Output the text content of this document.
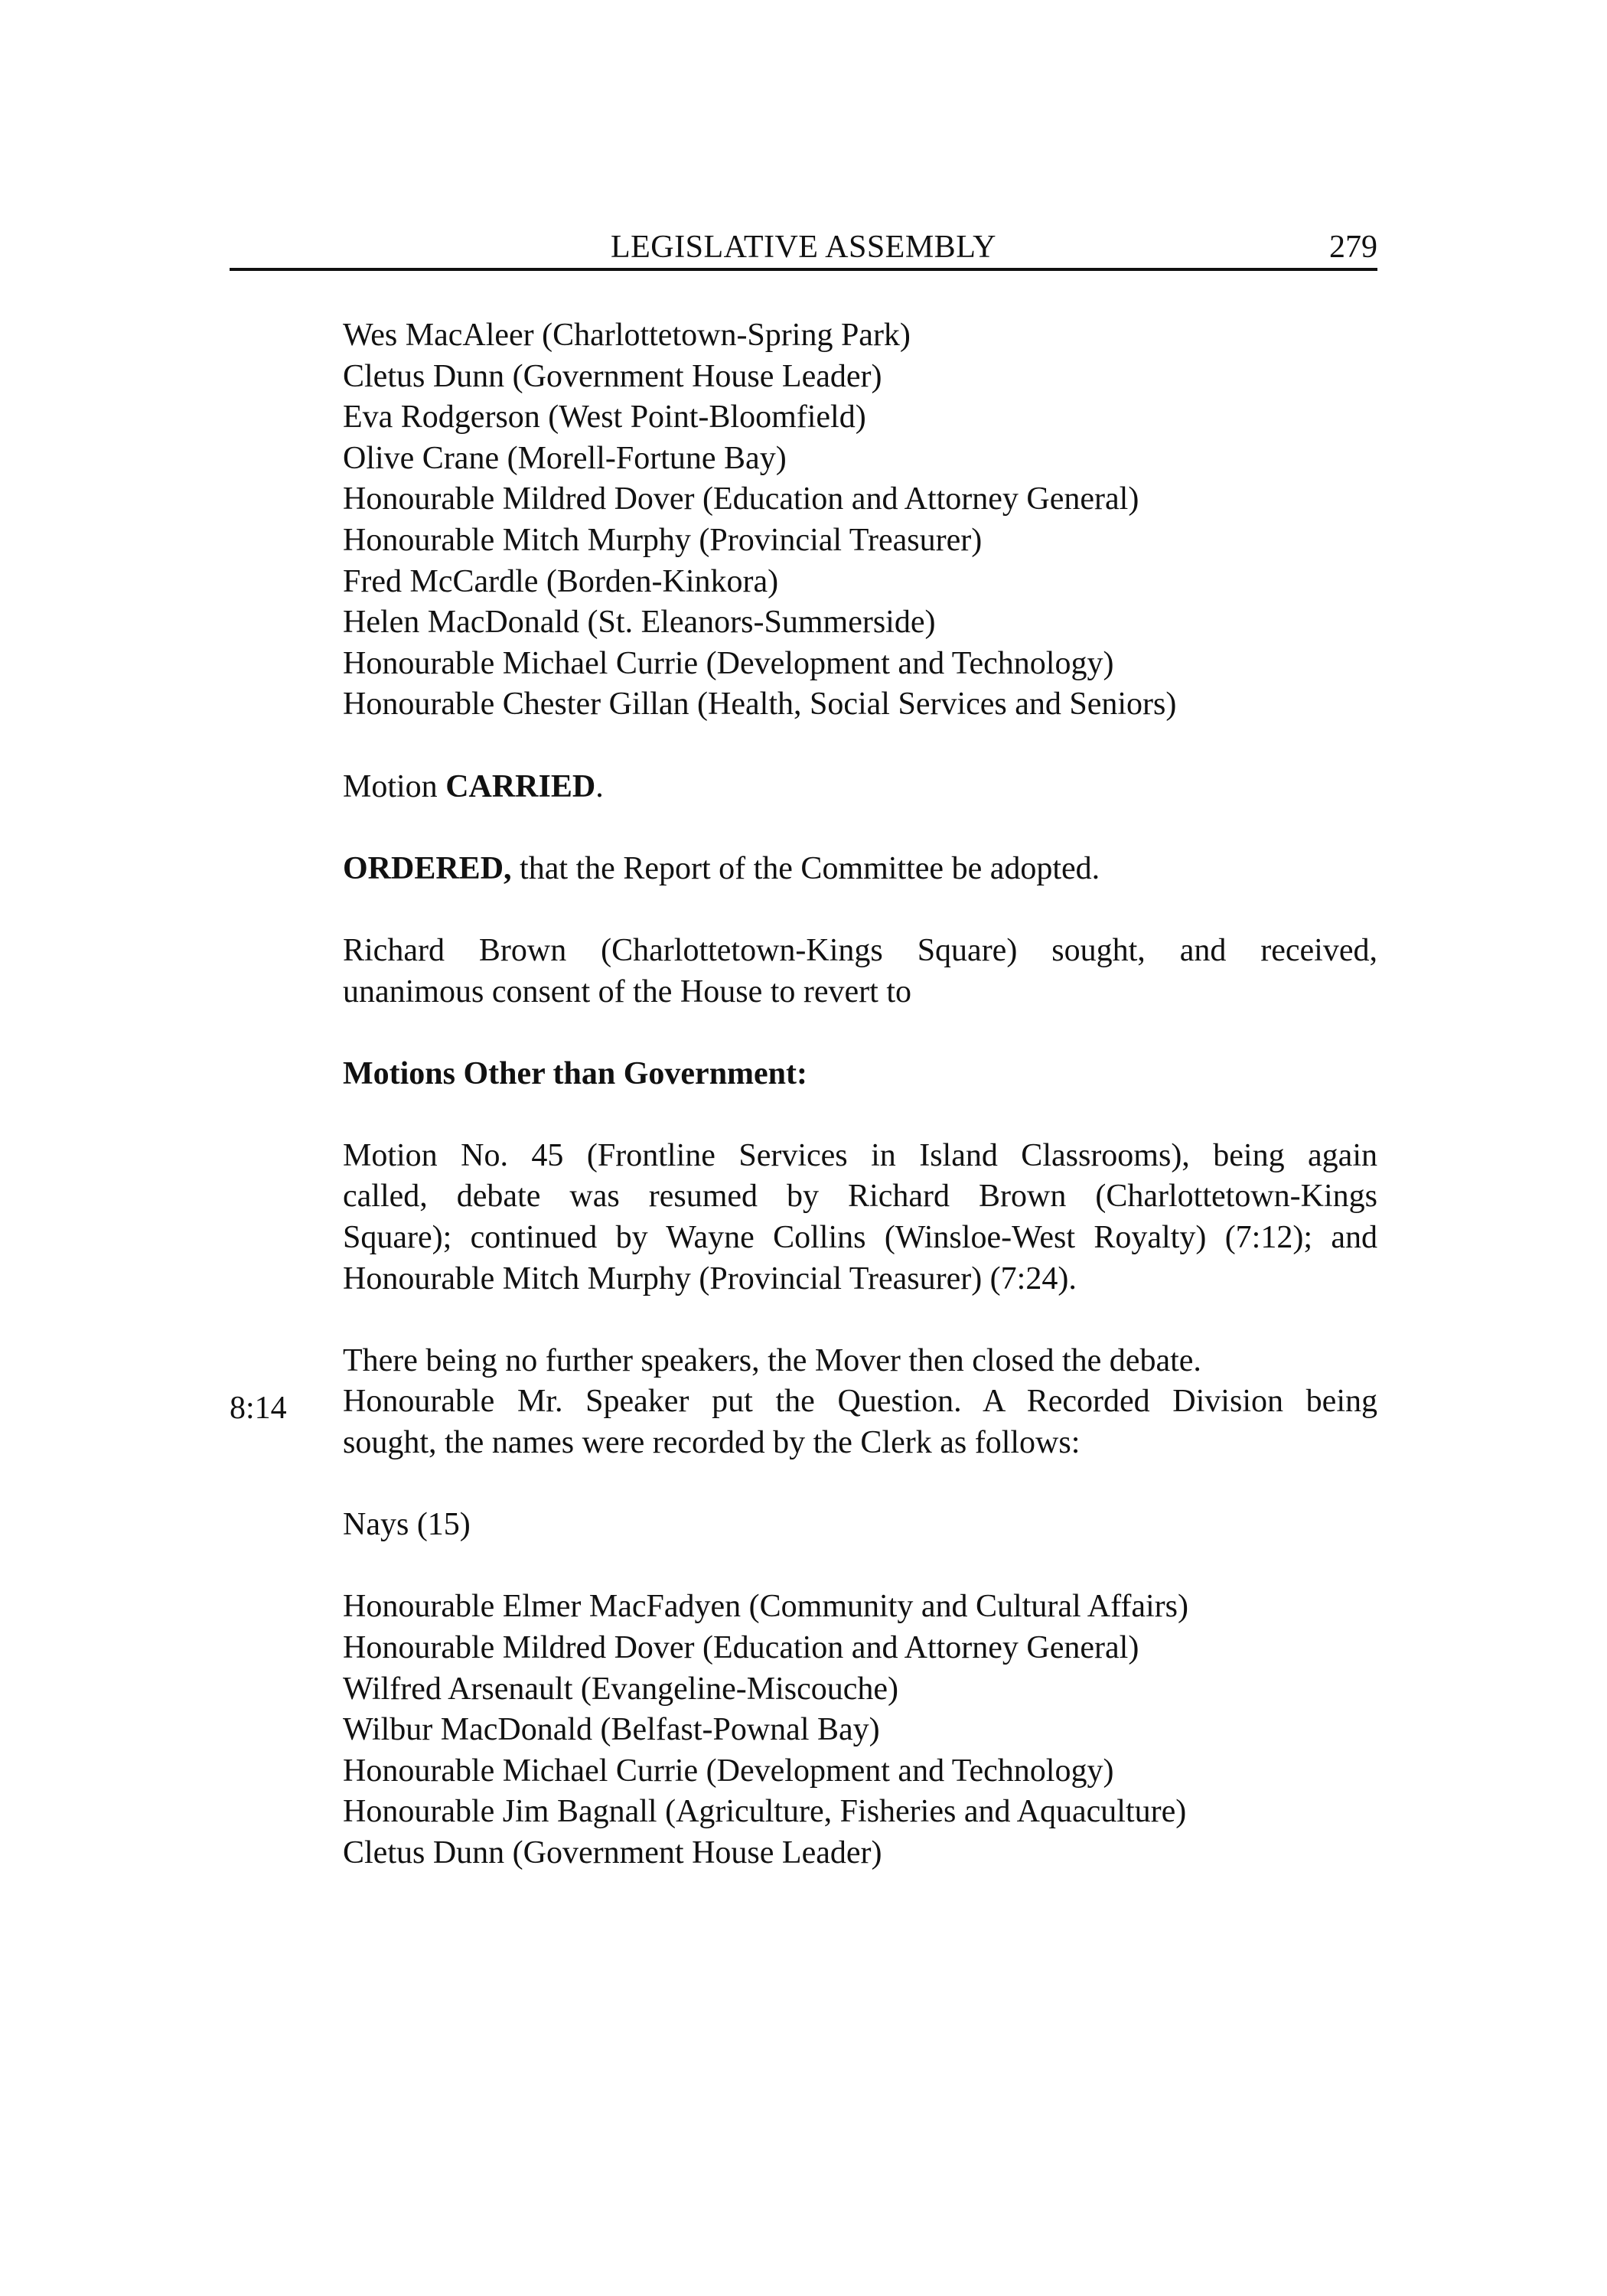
LEGISLATIVE ASSEMBLY	279
8:14
Wes MacAleer (Charlottetown-Spring Park)
Cletus Dunn (Government House Leader)
Eva Rodgerson (West Point-Bloomfield)
Olive Crane (Morell-Fortune Bay)
Honourable Mildred Dover (Education and Attorney General)
Honourable Mitch Murphy (Provincial Treasurer)
Fred McCardle (Borden-Kinkora)
Helen MacDonald (St. Eleanors-Summerside)
Honourable Michael Currie (Development and Technology)
Honourable Chester Gillan (Health, Social Services and Seniors)
Motion CARRIED.
ORDERED, that the Report of the Committee be adopted.
Richard Brown (Charlottetown-Kings Square) sought, and received,
unanimous consent of the House to revert to
Motions Other than Government:
Motion No. 45 (Frontline Services in Island Classrooms), being again
called, debate was resumed by Richard Brown (Charlottetown-Kings
Square); continued by Wayne Collins (Winsloe-West Royalty) (7:12); and
Honourable Mitch Murphy (Provincial Treasurer) (7:24).
There being no further speakers, the Mover then closed the debate.
Honourable Mr. Speaker put the Question. A Recorded Division being
sought, the names were recorded by the Clerk as follows:
Nays (15)
Honourable Elmer MacFadyen (Community and Cultural Affairs)
Honourable Mildred Dover (Education and Attorney General)
Wilfred Arsenault (Evangeline-Miscouche)
Wilbur MacDonald (Belfast-Pownal Bay)
Honourable Michael Currie (Development and Technology)
Honourable Jim Bagnall (Agriculture, Fisheries and Aquaculture)
Cletus Dunn (Government House Leader)
